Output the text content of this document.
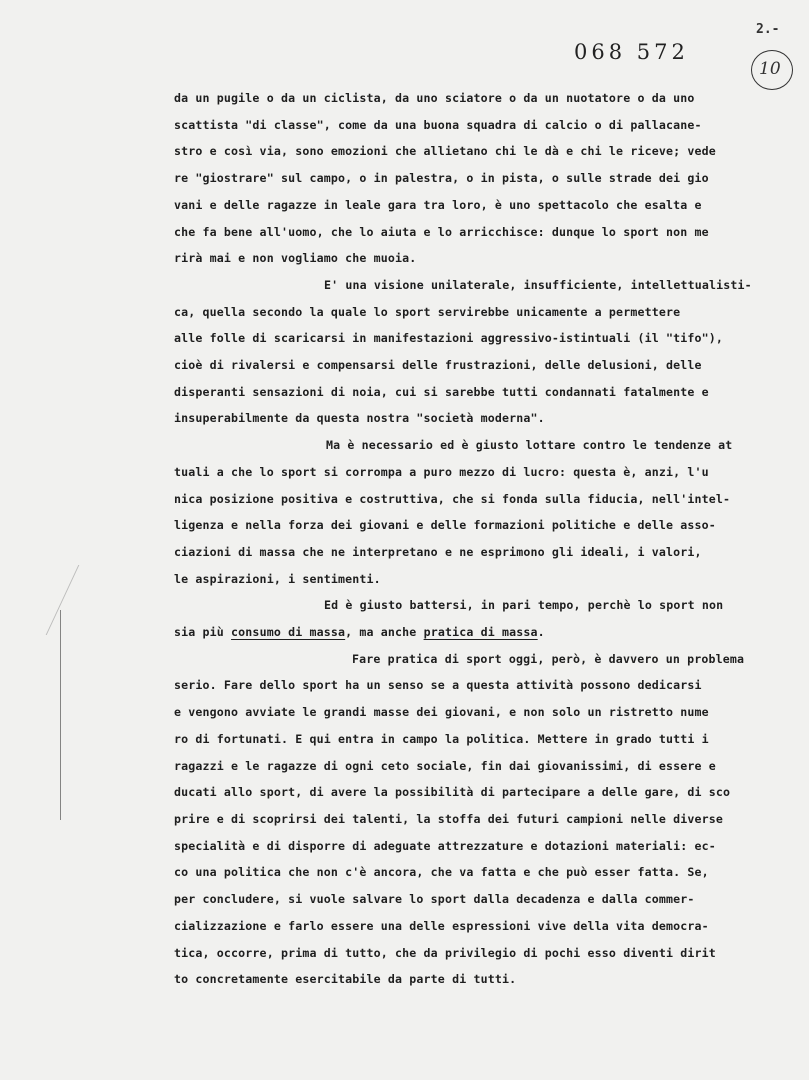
068 572
2.-
10
da un pugile o da un ciclista, da uno sciatore o da un nuotatore o da uno
scattista "di classe", come da una buona squadra di calcio o di pallacane-
stro e così via, sono emozioni che allietano chi le dà e chi le riceve; vede
re "giostrare" sul campo, o in palestra, o in pista, o sulle strade dei gio
vani e delle ragazze in leale gara tra loro, è uno spettacolo che esalta e
che fa bene all'uomo, che lo aiuta e lo arricchisce: dunque lo sport non me
rirà mai e non vogliamo che muoia.
E' una visione unilaterale, insufficiente, intellettualisti-
ca, quella secondo la quale lo sport servirebbe unicamente a permettere
alle folle di scaricarsi in manifestazioni aggressivo-istintuali (il "tifo"),
cioè di rivalersi e compensarsi delle frustrazioni, delle delusioni, delle
disperanti sensazioni di noia, cui si sarebbe tutti condannati fatalmente e
insuperabilmente da questa nostra "società moderna".
Ma è necessario ed è giusto lottare contro le tendenze at
tuali a che lo sport si corrompa a puro mezzo di lucro: questa è, anzi, l'u
nica posizione positiva e costruttiva, che si fonda sulla fiducia, nell'intel-
ligenza e nella forza dei giovani e delle formazioni politiche e delle asso-
ciazioni di massa che ne interpretano e ne esprimono gli ideali, i valori,
le aspirazioni, i sentimenti.
Ed è giusto battersi, in pari tempo, perchè lo sport non
sia più consumo di massa, ma anche pratica di massa.
Fare pratica di sport oggi, però, è davvero un problema
serio. Fare dello sport ha un senso se a questa attività possono dedicarsi
e vengono avviate le grandi masse dei giovani, e non solo un ristretto nume
ro di fortunati. E qui entra in campo la politica. Mettere in grado tutti i
ragazzi e le ragazze di ogni ceto sociale, fin dai giovanissimi, di essere e
ducati allo sport, di avere la possibilità di partecipare a delle gare, di sco
prire e di scoprirsi dei talenti, la stoffa dei futuri campioni nelle diverse
specialità e di disporre di adeguate attrezzature e dotazioni materiali: ec-
co una politica che non c'è ancora, che va fatta e che può esser fatta. Se,
per concludere, si vuole salvare lo sport dalla decadenza e dalla commer-
cializzazione e farlo essere una delle espressioni vive della vita democra-
tica, occorre, prima di tutto, che da privilegio di pochi esso diventi dirit
to concretamente esercitabile da parte di tutti.
